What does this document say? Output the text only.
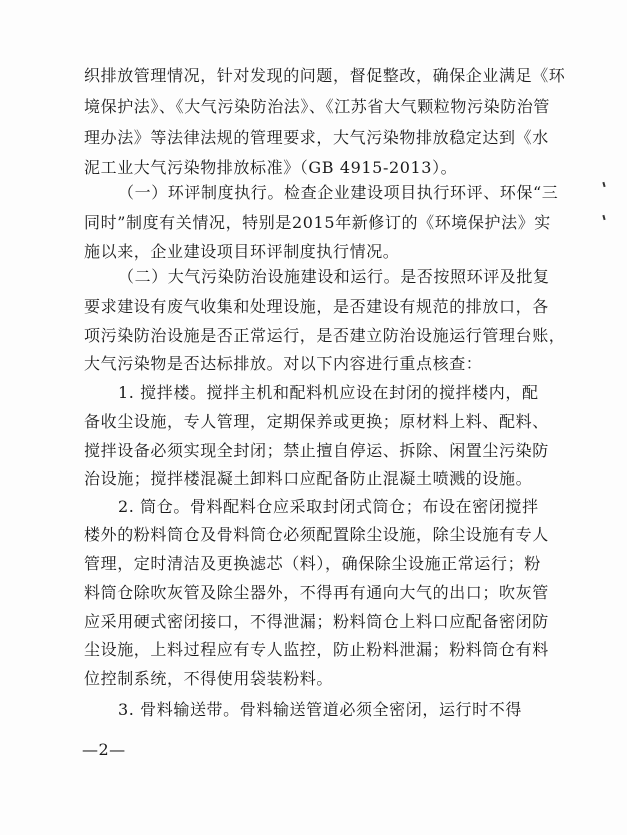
织排放管理情况，针对发现的问题，督促整改，确保企业满足《环
境保护法》、《大气污染防治法》、《江苏省大气颗粒物污染防治管
理办法》等法律法规的管理要求，大气污染物排放稳定达到《水
泥工业大气污染物排放标准》（GB 4915-2013）。
（一）环评制度执行。检查企业建设项目执行环评、环保“三
同时”制度有关情况，特别是2015年新修订的《环境保护法》实
施以来，企业建设项目环评制度执行情况。
（二）大气污染防治设施建设和运行。是否按照环评及批复
要求建设有废气收集和处理设施，是否建设有规范的排放口，各
项污染防治设施是否正常运行，是否建立防治设施运行管理台账，
大气污染物是否达标排放。对以下内容进行重点核查：
1. 搅拌楼。搅拌主机和配料机应设在封闭的搅拌楼内，配
备收尘设施，专人管理，定期保养或更换；原材料上料、配料、
搅拌设备必须实现全封闭；禁止擅自停运、拆除、闲置尘污染防
治设施；搅拌楼混凝土卸料口应配备防止混凝土喷溅的设施。
2. 筒仓。骨料配料仓应采取封闭式筒仓；布设在密闭搅拌
楼外的粉料筒仓及骨料筒仓必须配置除尘设施，除尘设施有专人
管理，定时清洁及更换滤芯（料），确保除尘设施正常运行；粉
料筒仓除吹灰管及除尘器外，不得再有通向大气的出口；吹灰管
应采用硬式密闭接口，不得泄漏；粉料筒仓上料口应配备密闭防
尘设施，上料过程应有专人监控，防止粉料泄漏；粉料筒仓有料
位控制系统，不得使用袋装粉料。
3. 骨料输送带。骨料输送管道必须全密闭，运行时不得
—2—
